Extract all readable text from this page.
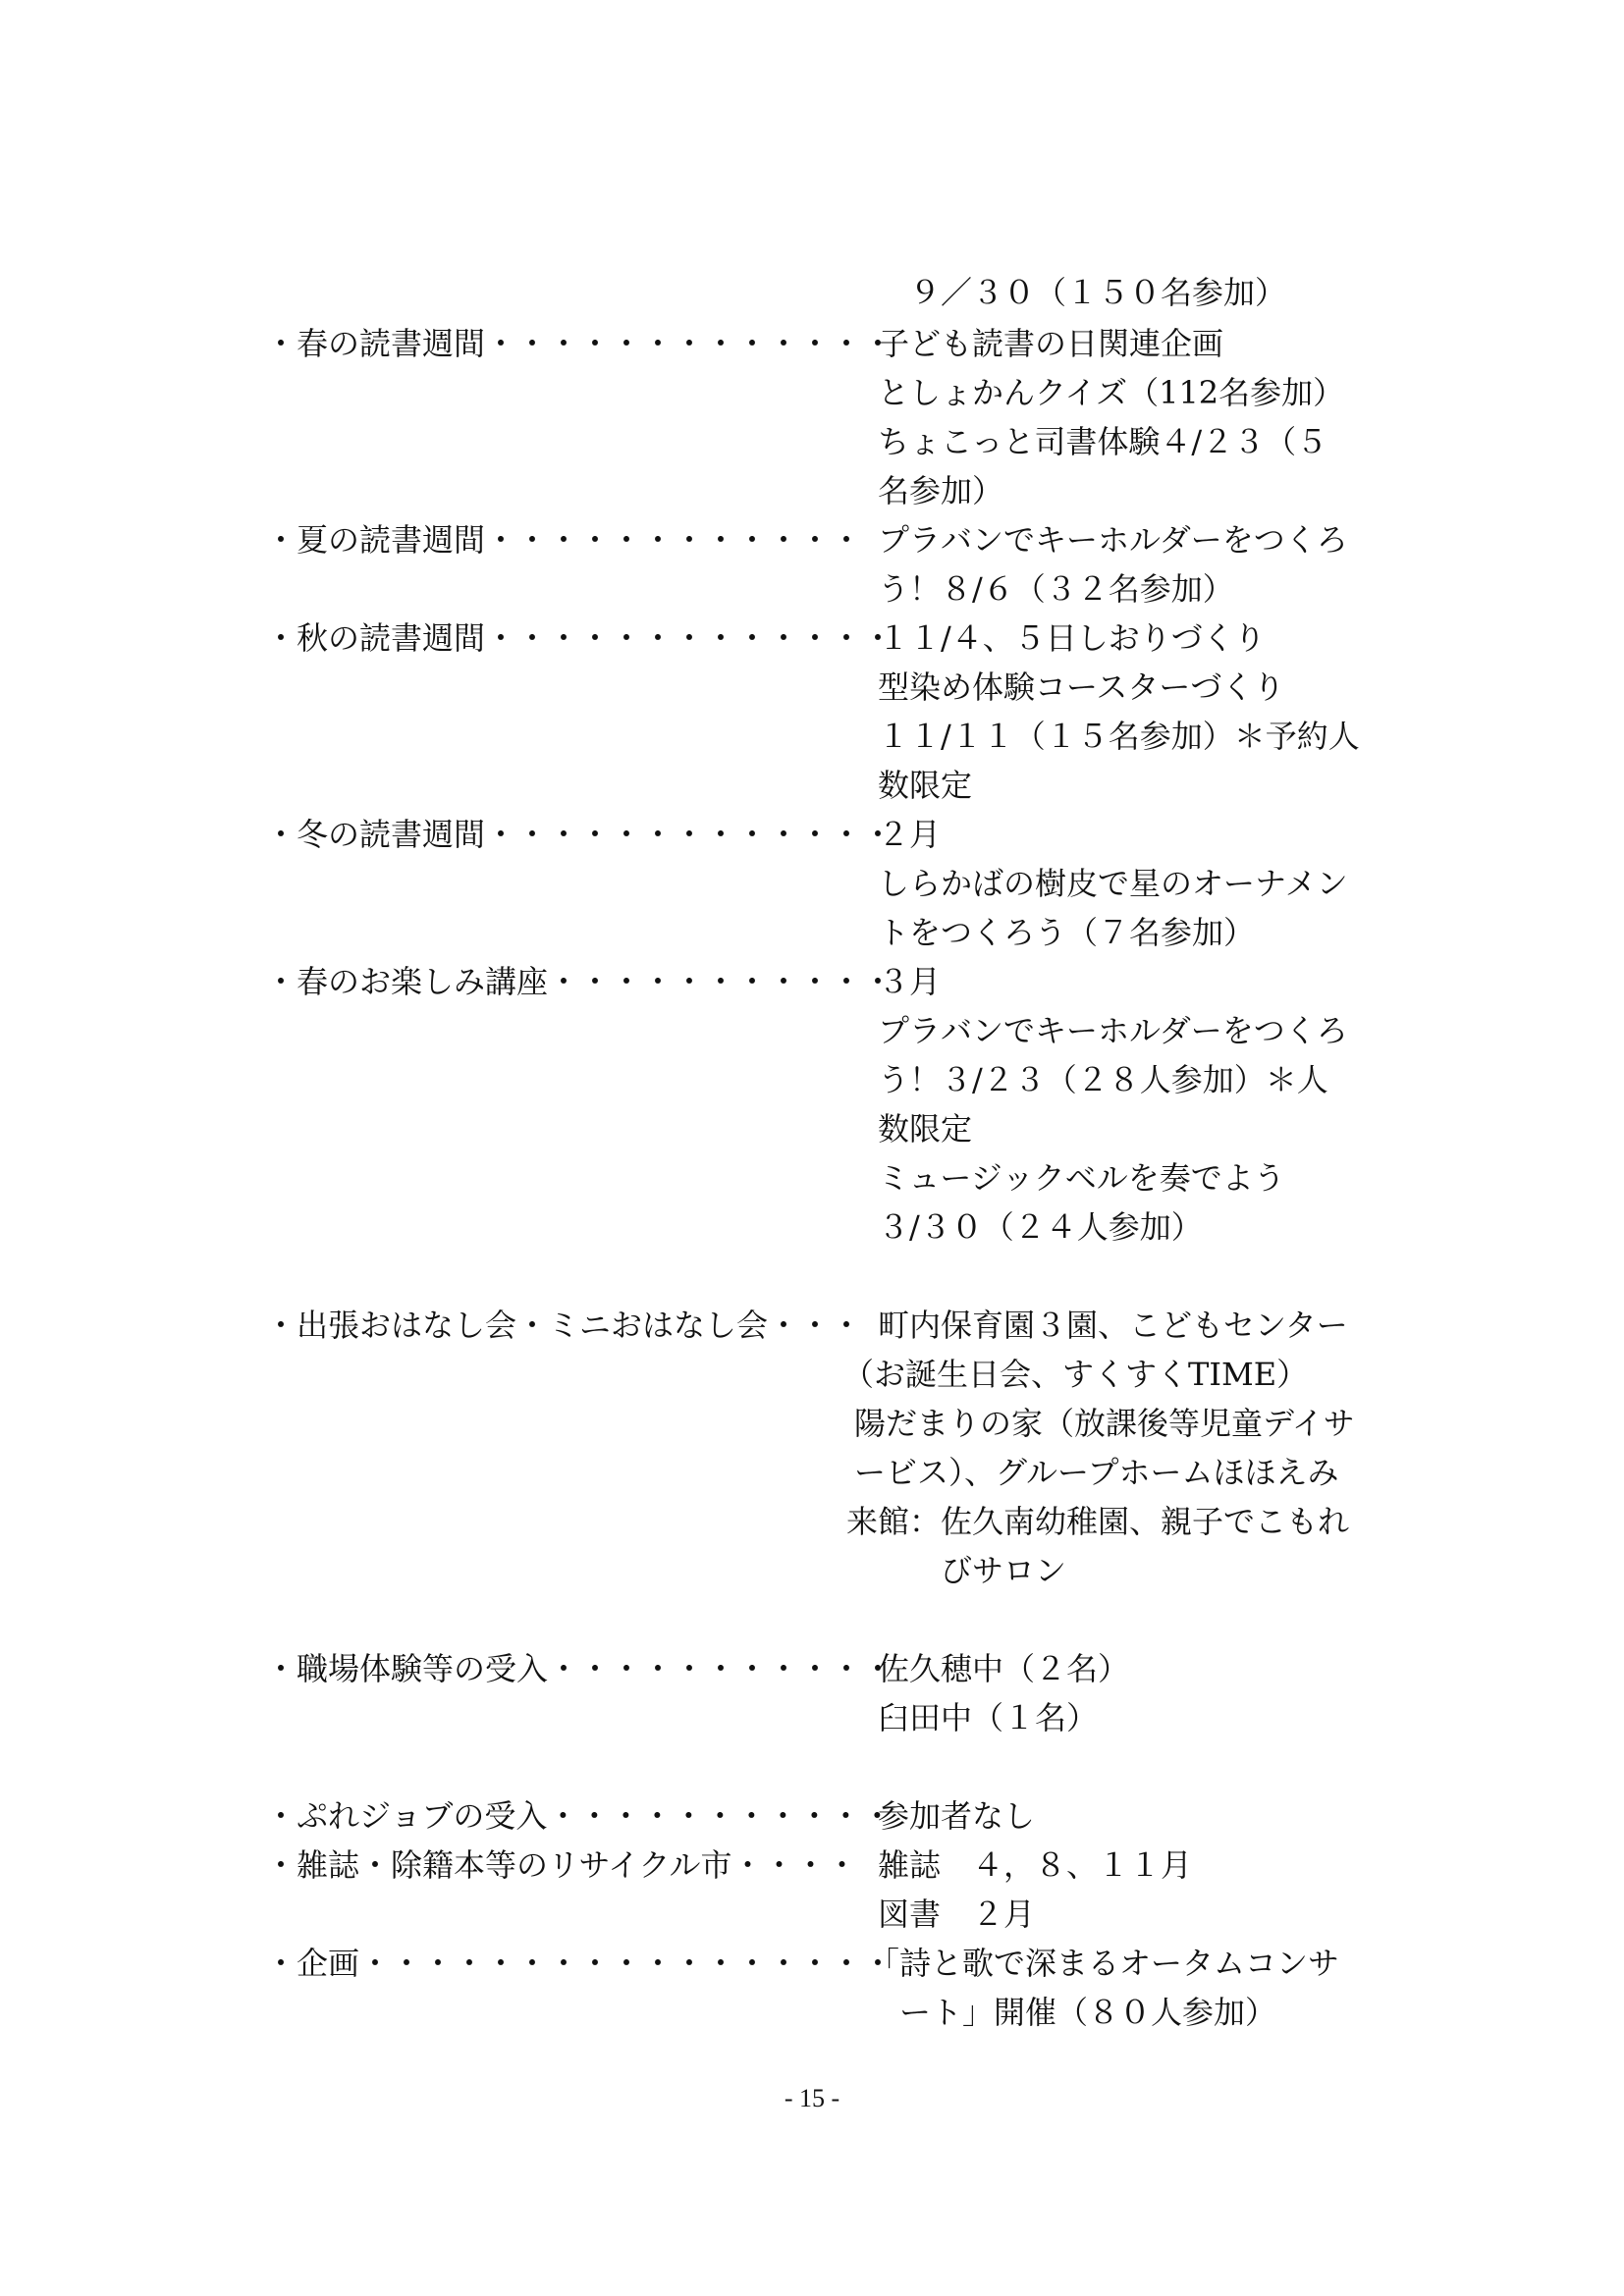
　９／３０（１５０名参加）
・春の読書週間・・・・・・・・・・・・・
子ども読書の日関連企画
としょかんクイズ（112名参加）
ちょこっと司書体験４/２３（５
名参加）
・夏の読書週間・・・・・・・・・・・・ プラバンでキーホルダーをつくろ
う！８/６（３２名参加）
・秋の読書週間・・・・・・・・・・・・・
１１/４、５日しおりづくり
型染め体験コースターづくり
１１/１１（１５名参加）＊予約人
数限定
・冬の読書週間・・・・・・・・・・・・・
２月
しらかばの樹皮で星のオーナメン
トをつくろう（７名参加）
・春のお楽しみ講座・・・・・・・・・・・
３月
プラバンでキーホルダーをつくろ
う！３/２３（２８人参加）＊人
数限定
ミュージックベルを奏でよう
３/３０（２４人参加）
・出張おはなし会・ミニおはなし会・・・ 町内保育園３園、こどもセンター
（お誕生日会、すくすくTIME）
陽だまりの家（放課後等児童デイサ
ービス）、グループホームほほえみ
来館：佐久南幼稚園、親子でこもれ
　　　びサロン
・職場体験等の受入・・・・・・・・・・・
佐久穂中（２名）
臼田中（１名）
・ぷれジョブの受入・・・・・・・・・・・
参加者なし
・雑誌・除籍本等のリサイクル市・・・・ 雑誌　４，８、１１月
図書　２月
・企画・・・・・・・・・・・・・・・・・
「詩と歌で深まるオータムコンサ
　ート」開催（８０人参加）
- 15 -
